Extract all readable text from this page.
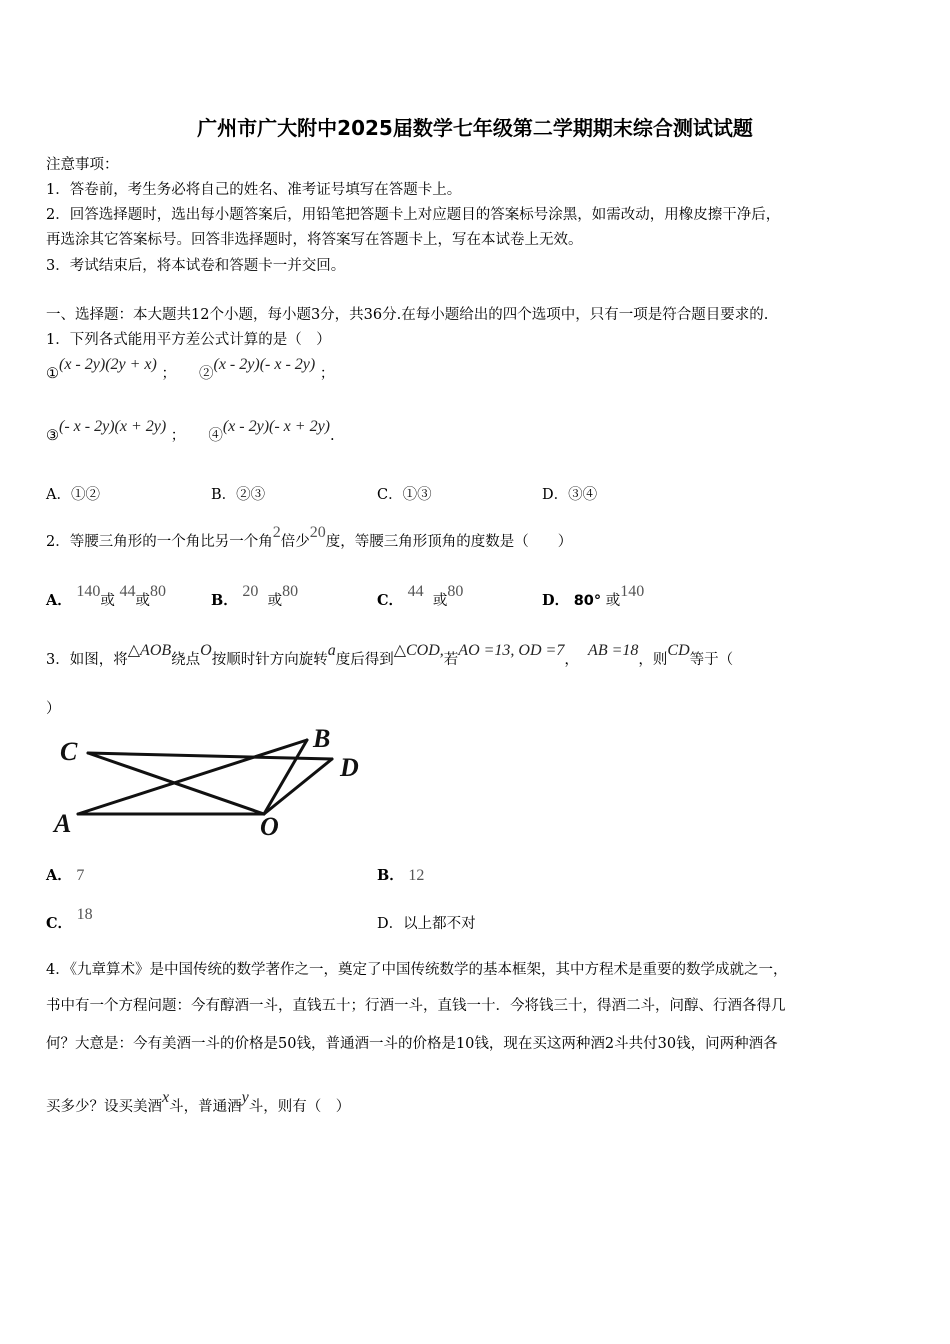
广州市广大附中2025届数学七年级第二学期期末综合测试试题
注意事项：
1．答卷前，考生务必将自己的姓名、准考证号填写在答题卡上。
2．回答选择题时，选出每小题答案后，用铅笔把答题卡上对应题目的答案标号涂黑，如需改动，用橡皮擦干净后，
再选涂其它答案标号。回答非选择题时，将答案写在答题卡上，写在本试卷上无效。
3．考试结束后，将本试卷和答题卡一并交回。
一、选择题：本大题共12个小题，每小题3分，共36分.在每小题给出的四个选项中，只有一项是符合题目要求的.
1．下列各式能用平方差公式计算的是（　）
①(x - 2y)(2y + x) ； ②(x - 2y)(- x - 2y) ；
③(- x - 2y)(x + 2y) ； ④(x - 2y)(- x + 2y).
A．①②	B．②③	C．①③	D．③④
2．等腰三角形的一个角比另一个角2倍少20度，等腰三角形顶角的度数是（　　）
A． 140或 44或80
B． 20  或80
C． 44  或80
D． 80° 或140
3．如图，将△AOB绕点O按顺时针方向旋转a度后得到△COD,若AO =13, OD =7，  AB =18，则CD等于（
）
C	B
D
A	O
A． 7	B． 12
C． 18
D．以上都不对
4．《九章算术》是中国传统的数学著作之一，奠定了中国传统数学的基本框架，其中方程术是重要的数学成就之一，
书中有一个方程问题：今有醇酒一斗，直钱五十；行酒一斗，直钱一十．今将钱三十，得酒二斗，问醇、行酒各得几
何？大意是：今有美酒一斗的价格是50钱，普通酒一斗的价格是10钱，现在买这两种酒2斗共付30钱，问两种酒各
买多少？设买美酒x斗，普通酒y斗，则有（　）
